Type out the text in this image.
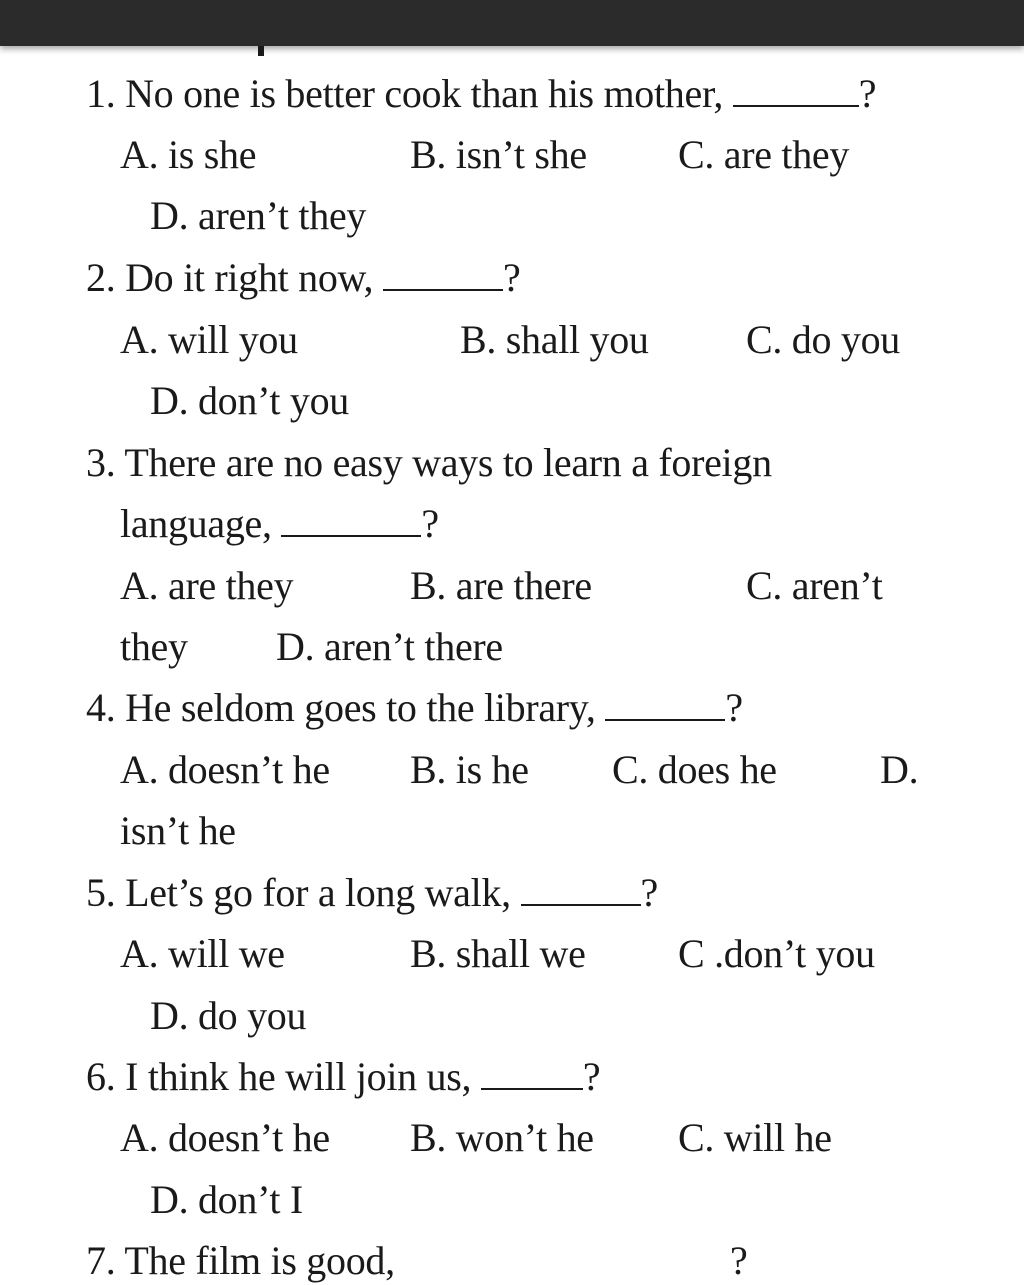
1. No one is better cook than his mother,	?
A. is she	B. isn’t she C. are they
D. aren’t they
2. Do it right now,	?
A. will you	B. shall you C. do you
D. don’t you
3. There are no easy ways to learn a foreign
language,	?
A. are they	B. are there	C. aren’t
they D. aren’t there
4. He seldom goes to the library,	?
A. doesn’t he B. is he C. does he	D.
isn’t he
5. Let’s go for a long walk,	?
A. will we	B. shall we C .don’t you
D. do you
6. I think he will join us,	?
A. doesn’t he B. won’t he C. will he
D. don’t I
7. The film is good,	?
